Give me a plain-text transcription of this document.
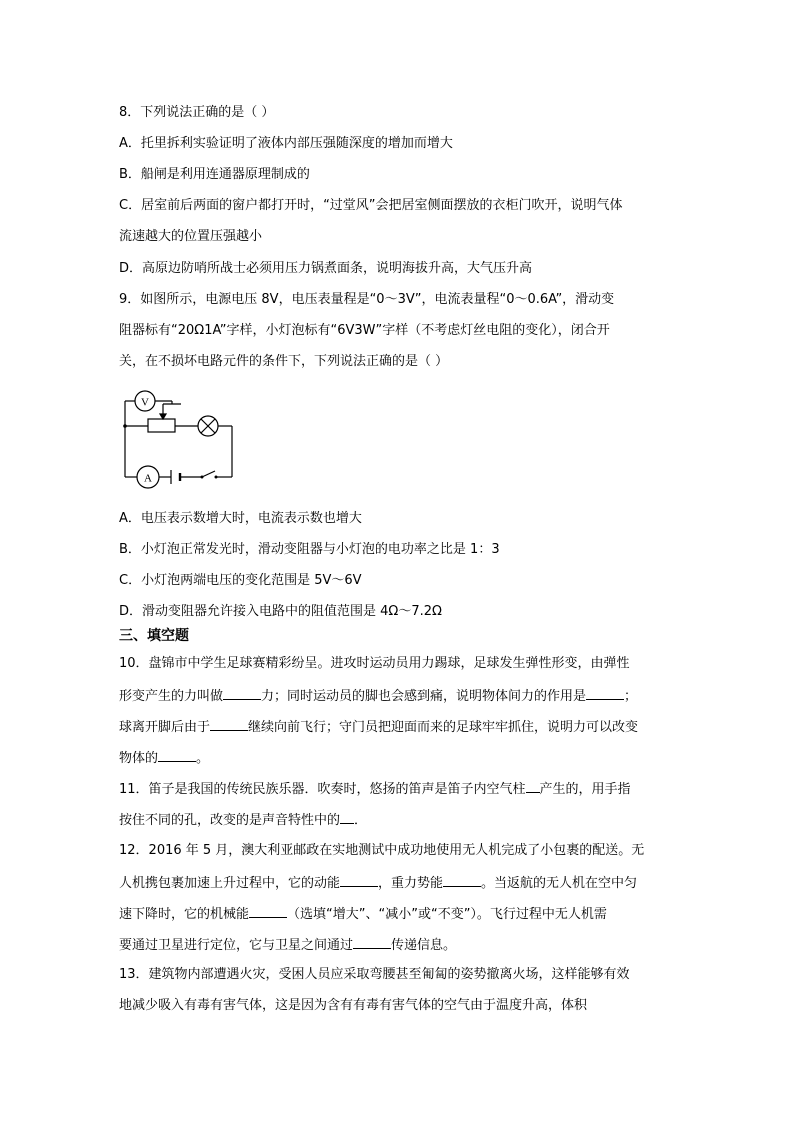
8．下列说法正确的是（ ）
A．托里拆利实验证明了液体内部压强随深度的增加而增大
B．船闸是利用连通器原理制成的
C．居室前后两面的窗户都打开时，“过堂风”会把居室侧面摆放的衣柜门吹开，说明气体
流速越大的位置压强越小
D．高原边防哨所战士必须用压力锅煮面条，说明海拔升高，大气压升高
9．如图所示，电源电压 8V，电压表量程是“0～3V”，电流表量程“0～0.6A”，滑动变
阻器标有“20Ω1A”字样，小灯泡标有“6V3W”字样（不考虑灯丝电阻的变化），闭合开
关，在不损坏电路元件的条件下，下列说法正确的是（ ）
V
A
A．电压表示数增大时，电流表示数也增大
B．小灯泡正常发光时，滑动变阻器与小灯泡的电功率之比是 1：3
C．小灯泡两端电压的变化范围是 5V～6V
D．滑动变阻器允许接入电路中的阻值范围是 4Ω～7.2Ω
三、填空题
10．盘锦市中学生足球赛精彩纷呈。进攻时运动员用力踢球，足球发生弹性形变，由弹性
形变产生的力叫做	力；同时运动员的脚也会感到痛，说明物体间力的作用是	；
球离开脚后由于	继续向前飞行；守门员把迎面而来的足球牢牢抓住，说明力可以改变
物体的	。
11．笛子是我国的传统民族乐器．吹奏时，悠扬的笛声是笛子内空气柱 产生的，用手指
按住不同的孔，改变的是声音特性中的 ．
12．2016 年 5 月，澳大利亚邮政在实地测试中成功地使用无人机完成了小包裹的配送。无
人机携包裹加速上升过程中，它的动能	，重力势能	。当返航的无人机在空中匀
速下降时，它的机械能	（选填“增大”、“减小”或“不变”）。飞行过程中无人机需
要通过卫星进行定位，它与卫星之间通过	传递信息。
13．建筑物内部遭遇火灾，受困人员应采取弯腰甚至匍匐的姿势撤离火场，这样能够有效
地减少吸入有毒有害气体，这是因为含有有毒有害气体的空气由于温度升高，体积
